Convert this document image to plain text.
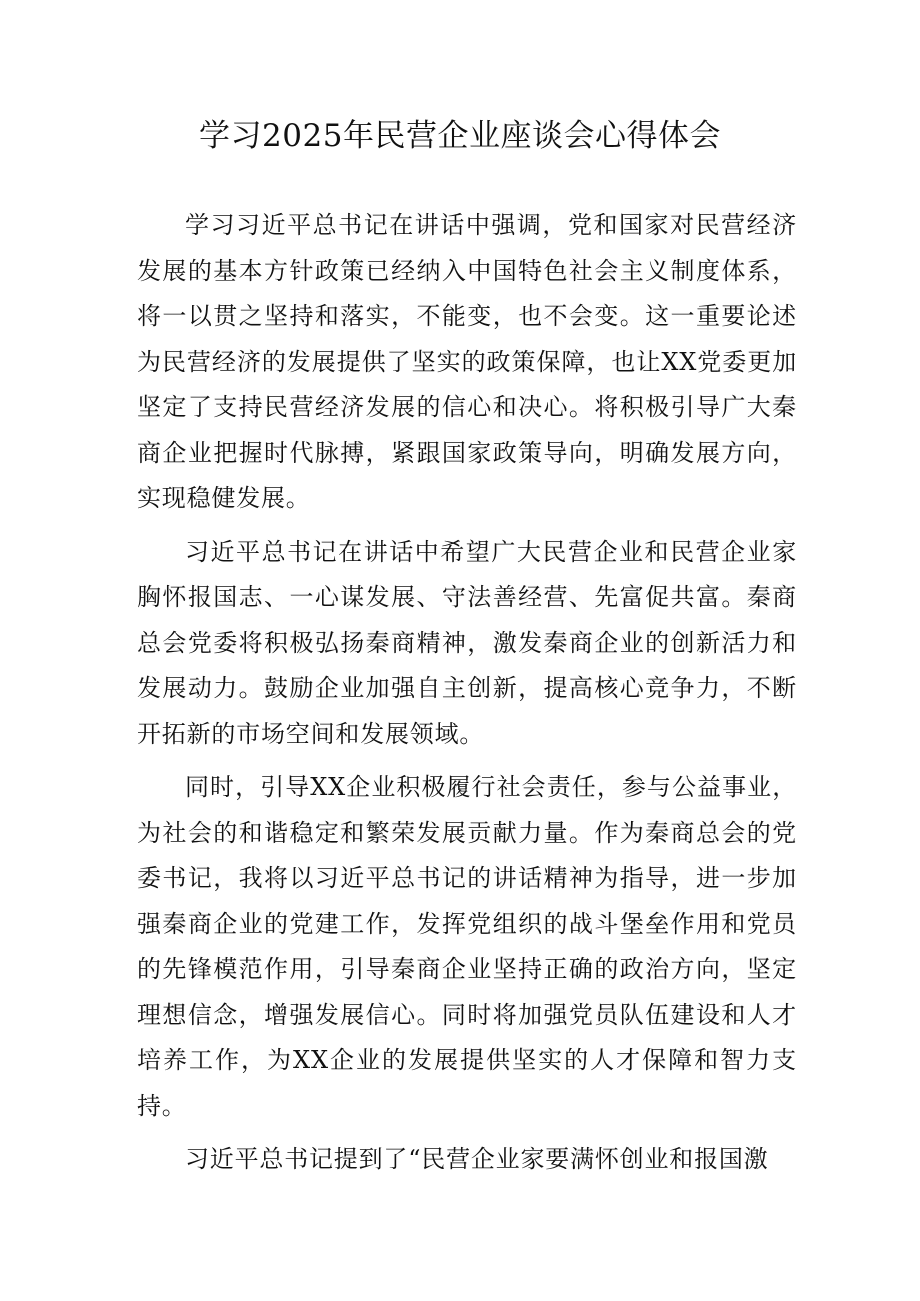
学习2025年民营企业座谈会心得体会

学习习近平总书记在讲话中强调，党和国家对民营经济发展的基本方针政策已经纳入中国特色社会主义制度体系，将一以贯之坚持和落实，不能变，也不会变。这一重要论述为民营经济的发展提供了坚实的政策保障，也让XX党委更加坚定了支持民营经济发展的信心和决心。将积极引导广大秦商企业把握时代脉搏，紧跟国家政策导向，明确发展方向，实现稳健发展。

习近平总书记在讲话中希望广大民营企业和民营企业家胸怀报国志、一心谋发展、守法善经营、先富促共富。秦商总会党委将积极弘扬秦商精神，激发秦商企业的创新活力和发展动力。鼓励企业加强自主创新，提高核心竞争力，不断开拓新的市场空间和发展领域。

同时，引导XX企业积极履行社会责任，参与公益事业，为社会的和谐稳定和繁荣发展贡献力量。作为秦商总会的党委书记，我将以习近平总书记的讲话精神为指导，进一步加强秦商企业的党建工作，发挥党组织的战斗堡垒作用和党员的先锋模范作用，引导秦商企业坚持正确的政治方向，坚定理想信念，增强发展信心。同时将加强党员队伍建设和人才培养工作，为XX企业的发展提供坚实的人才保障和智力支持。

习近平总书记提到了“民营企业家要满怀创业和报国激
